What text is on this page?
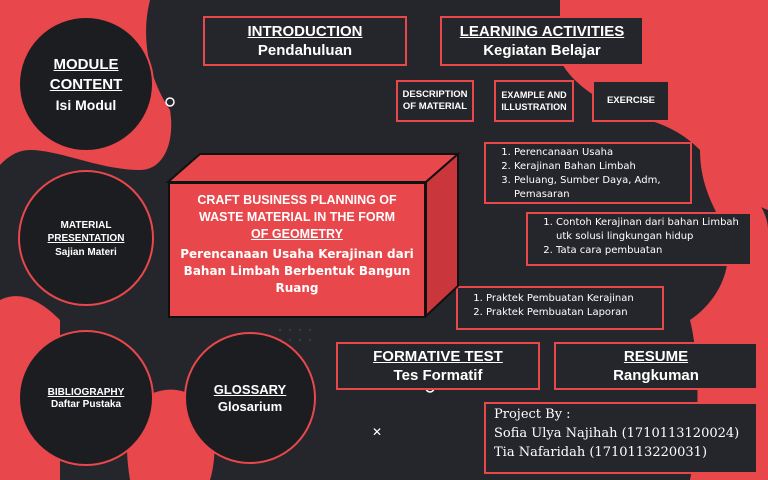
✕
MODULE CONTENT
Isi Modul
MATERIAL
PRESENTATION
Sajian Materi
BIBLIOGRAPHY
Daftar Pustaka
GLOSSARY
Glosarium
INTRODUCTION
Pendahuluan
LEARNING ACTIVITIES
Kegiatan Belajar
DESCRIPTION OF MATERIAL
EXAMPLE AND ILLUSTRATION
EXERCISE
1. Perencanaan Usaha
2. Kerajinan Bahan Limbah
3. Peluang, Sumber Daya, Adm, Pemasaran
1. Contoh Kerajinan dari bahan Limbah utk solusi lingkungan hidup
2. Tata cara pembuatan
1. Praktek Pembuatan Kerajinan
2. Praktek Pembuatan Laporan
CRAFT BUSINESS PLANNING OF
WASTE MATERIAL IN THE FORM
OF GEOMETRY
Perencanaan Usaha Kerajinan dari Bahan Limbah Berbentuk Bangun Ruang
FORMATIVE TEST
Tes Formatif
RESUME
Rangkuman
Project By :
Sofia Ulya Najihah (1710113120024)
Tia Nafaridah (1710113220031)
